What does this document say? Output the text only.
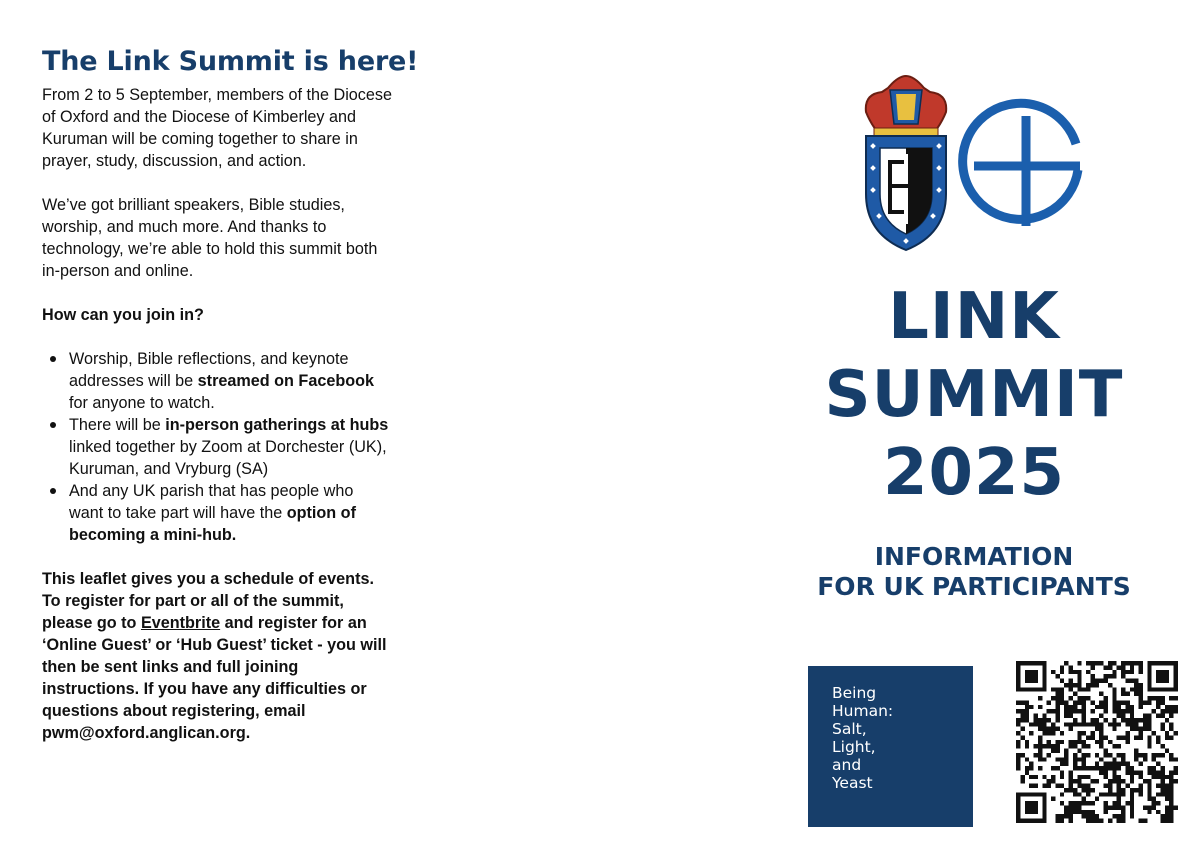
The Link Summit is here!

From 2 to 5 September, members of the Diocese of Oxford and the Diocese of Kimberley and Kuruman will be coming together to share in prayer, study, discussion, and action.

We’ve got brilliant speakers, Bible studies, worship, and much more. And thanks to technology, we’re able to hold this summit both in-person and online.

How can you join in?

Worship, Bible reflections, and keynote addresses will be streamed on Facebook for anyone to watch.
There will be in-person gatherings at hubs linked together by Zoom at Dorchester (UK), Kuruman, and Vryburg (SA)
And any UK parish that has people who want to take part will have the option of becoming a mini-hub.

This leaflet gives you a schedule of events. To register for part or all of the summit, please go to Eventbrite and register for an ‘Online Guest’ or ‘Hub Guest’ ticket - you will then be sent links and full joining instructions. If you have any difficulties or questions about registering, email pwm@oxford.anglican.org.

LINK
SUMMIT
2025
INFORMATION
FOR UK PARTICIPANTS
Being
Human:
Salt,
Light,
and
Yeast
